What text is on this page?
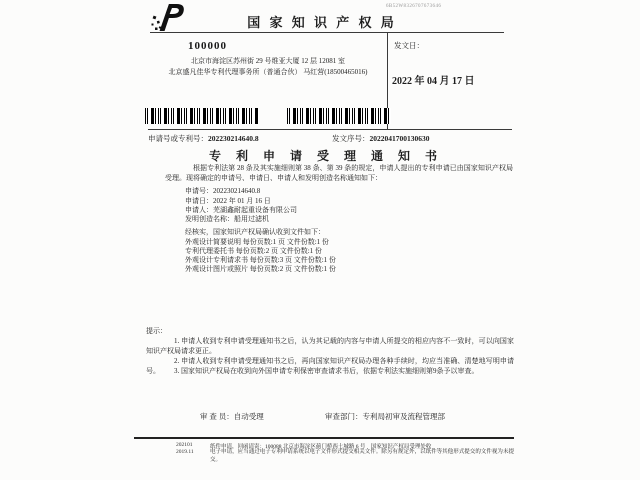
国 家 知 识 产 权 局
6B52W8326707673646
100000
北京市海淀区苏州街 29 号维亚大厦 12 层 12081 室
北京盛凡佳华专利代理事务所（普通合伙） 马红营(18500465016)
发文日：
2022 年 04 月 17 日
申请号或专利号：202230214640.8	发文序号：2022041700130630
专 利 申 请 受 理 通 知 书
根据专利法第 28 条及其实施细则第 38 条、第 39 条的规定，申请人提出的专利申请已由国家知识产权局受理。现将确定的申请号、申请日、申请人和发明创造名称通知如下：
申请号：202230214640.8
申请日：2022 年 01 月 16 日
申请人：芜湖鑫耐起重设备有限公司
发明创造名称：船用过滤机
经核实，国家知识产权局确认收到文件如下：
外观设计简要说明 每份页数:1 页 文件份数:1 份
专利代理委托书 每份页数:2 页 文件份数:1 份
外观设计专利请求书 每份页数:3 页 文件份数:1 份
外观设计图片或照片 每份页数:2 页 文件份数:1 份
提示：
1. 申请人收到专利申请受理通知书之后，认为其记载的内容与申请人所提交的相应内容不一致时，可以向国家知识产权局请求更正。
2. 申请人收到专利申请受理通知书之后，再向国家知识产权局办理各种手续时，均应当准确、清楚地写明申请号。	3. 国家知识产权局在收到向外国申请专利保密审查请求书后，依据专利法实施细则第9条予以审查。
审 查 员：自动受理	审查部门：专利局初审及流程管理部
202101
2019.11
纸件申请，回函请寄：100088 北京市海淀区蓟门桥西土城路 6 号　国家知识产权局受理处收
电子申请，应当通过电子专利申请系统以电子文件形式提交相关文件。除另有规定外，以纸件等其他形式提交的文件视为未提交。
